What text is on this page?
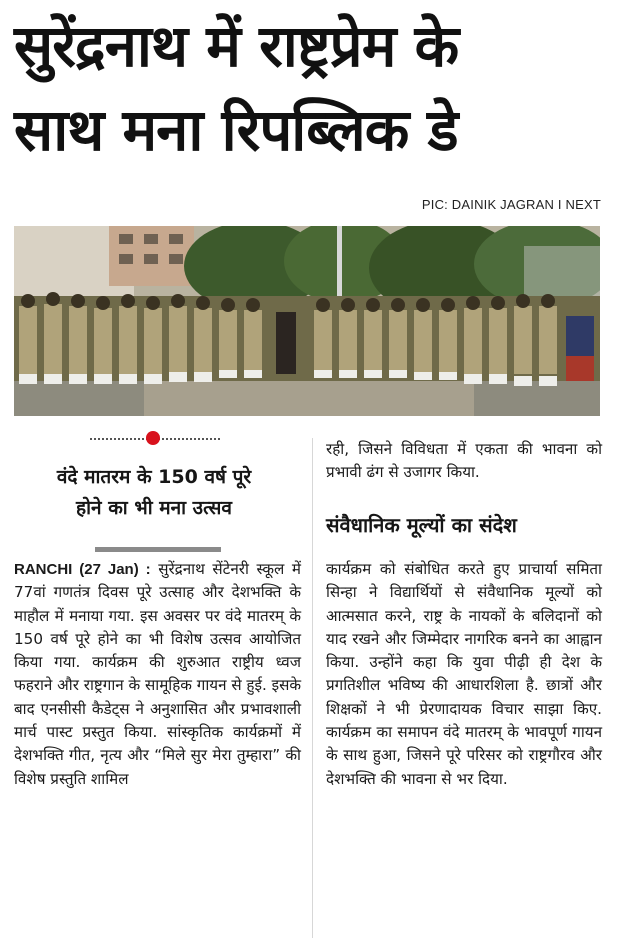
सुरेंद्रनाथ में राष्ट्रप्रेम के
साथ मना रिपब्लिक डे
PIC: DAINIK JAGRAN I NEXT
वंदे मातरम के 150 वर्ष पूरे
होने का भी मना उत्सव

RANCHI (27 Jan) : सुरेंद्रनाथ सेंटेनरी स्कूल में 77वां गणतंत्र दिवस पूरे उत्साह और देशभक्ति के माहौल में मनाया गया. इस अवसर पर वंदे मातरम् के 150 वर्ष पूरे होने का भी विशेष उत्सव आयोजित किया गया. कार्यक्रम की शुरुआत राष्ट्रीय ध्वज फहराने और राष्ट्रगान के सामूहिक गायन से हुई. इसके बाद एनसीसी कैडेट्स ने अनुशासित और प्रभावशाली मार्च पास्ट प्रस्तुत किया. सांस्कृतिक कार्यक्रमों में देशभक्ति गीत, नृत्य और “मिले सुर मेरा तुम्हारा” की विशेष प्रस्तुति शामिल

रही, जिसने विविधता में एकता की भावना को प्रभावी ढंग से उजागर किया.

संवैधानिक मूल्यों का संदेश

कार्यक्रम को संबोधित करते हुए प्राचार्या समिता सिन्हा ने विद्यार्थियों से संवैधानिक मूल्यों को आत्मसात करने, राष्ट्र के नायकों के बलिदानों को याद रखने और जिम्मेदार नागरिक बनने का आह्वान किया. उन्होंने कहा कि युवा पीढ़ी ही देश के प्रगतिशील भविष्य की आधारशिला है. छात्रों और शिक्षकों ने भी प्रेरणादायक विचार साझा किए. कार्यक्रम का समापन वंदे मातरम् के भावपूर्ण गायन के साथ हुआ, जिसने पूरे परिसर को राष्ट्रगौरव और देशभक्ति की भावना से भर दिया.
